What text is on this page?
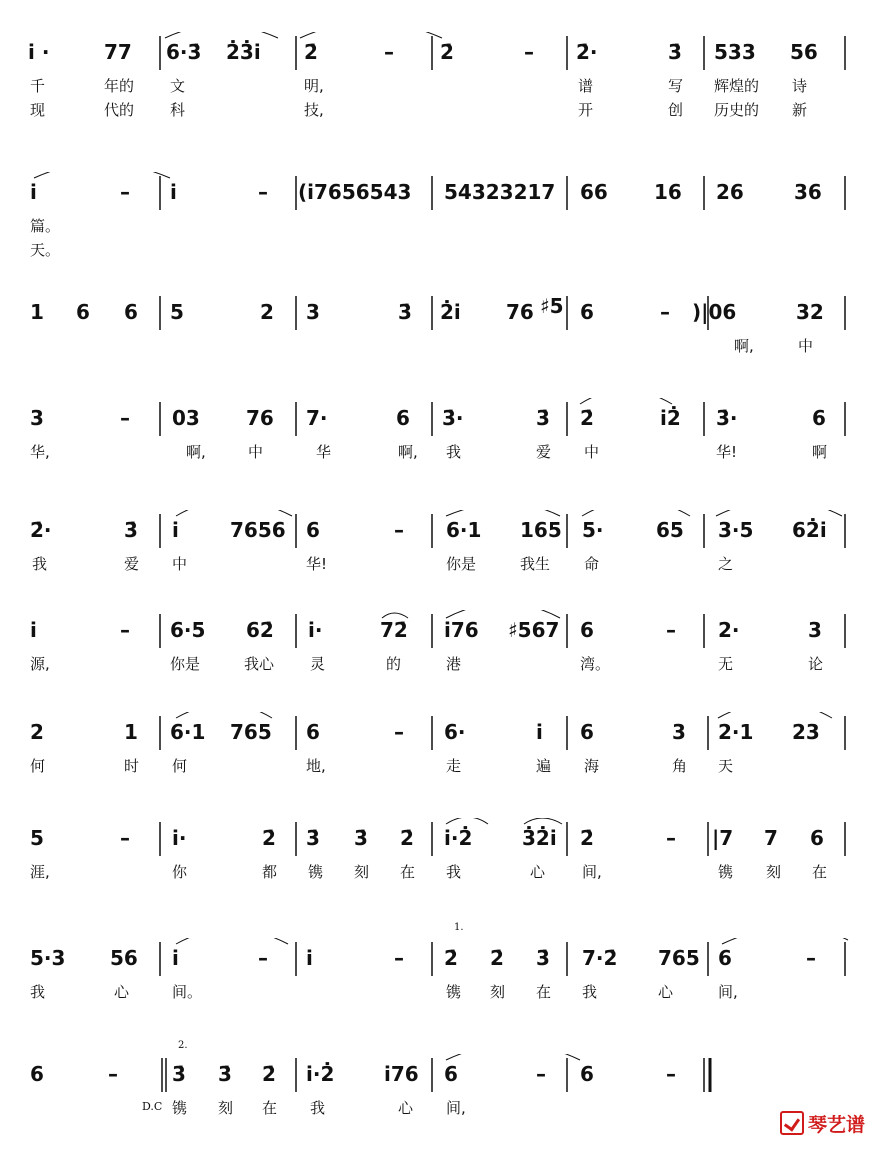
i ·	77 6·3̇ 2̇3̇i 2̇	– 2̇	– 2̇·	3̇ 533 56
千	年的 文	明,	谱	写 辉煌的 诗
现	代的 科	技,	开	创 历史的 新
i	– i	– (i7656543 54323217 66 16 26	36
篇。
天。
1 6 6 5	2 3	3̇ 2̇i 76 ♯5 6	– )|06	32
啊,	中
3	– 03 76 7·	6 3̇·	3̇ 2̇	i2̇ 3̇·	6
华,	啊,	中	华	啊, 我	爱 中	华!	啊
2̇·	3̇ i	7656 6	– 6·1 165 5·	65 3·5 62̇i
我	爱 中	华!	你是	我生 命	之
i	– 6·5 62̇ i·	72̇ i76 ♯567 6	– 2·	3
源,	你是	我心 灵	的	港	湾。	无	论
2	1 6·1 765 6	– 6·	i 6	3 2·1 23
何	时 何	地,	走	遍 海	角 天
5	– i·	2̇ 3̇ 3̇ 2̇ i·2̇ 3̇2̇i 2̇	– |7 7 6
涯,	你	都 镌 刻 在 我	心 间,	镌 刻 在
1.
5·3 56 i	– i	– 2̇ 2̇ 3̇ 7·2̇ 765 6	–
我	心	间。	镌 刻 在 我	心	间,
2.
6	–	3̇ 3̇ 2̇ i·2̇ i76 6	– 6	–
D.C 镌 刻 在 我	心 间,
琴艺谱
